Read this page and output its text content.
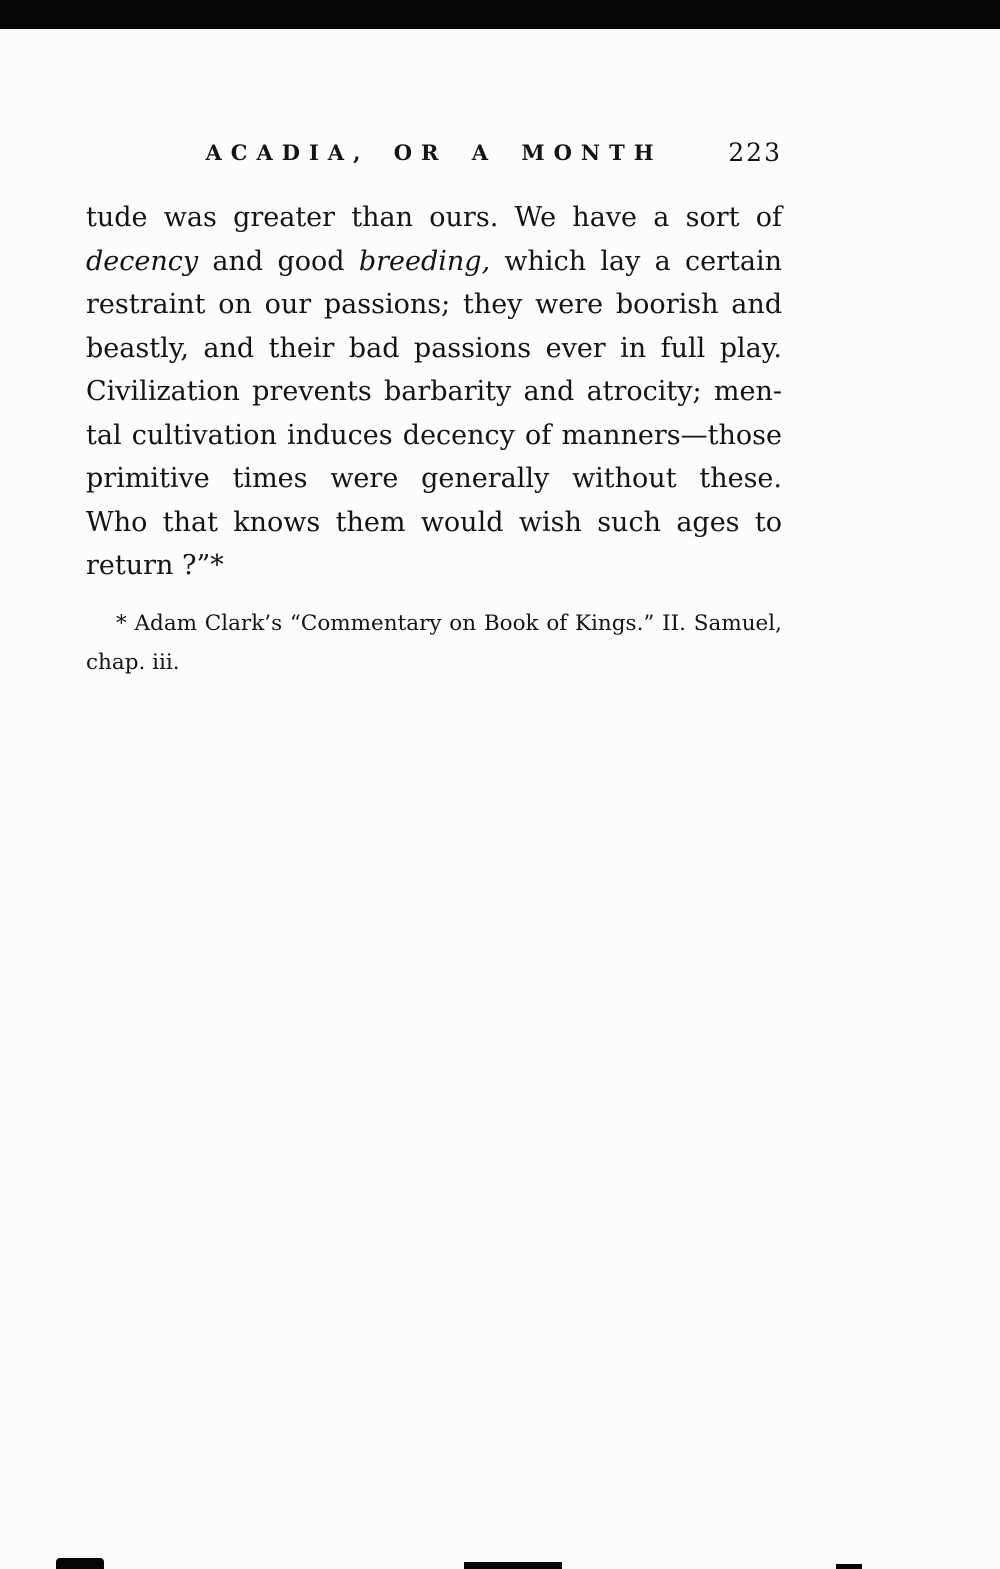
ACADIA, OR A MONTH	223
tude was greater than ours. We have a sort of
decency and good breeding, which lay a certain
restraint on our passions; they were boorish and
beastly, and their bad passions ever in full play.
Civilization prevents barbarity and atrocity; men-
tal cultivation induces decency of manners—those
primitive times were generally without these.
Who that knows them would wish such ages to
return ?”*
* Adam Clark’s “Commentary on Book of Kings.” II. Samuel,
chap. iii.
